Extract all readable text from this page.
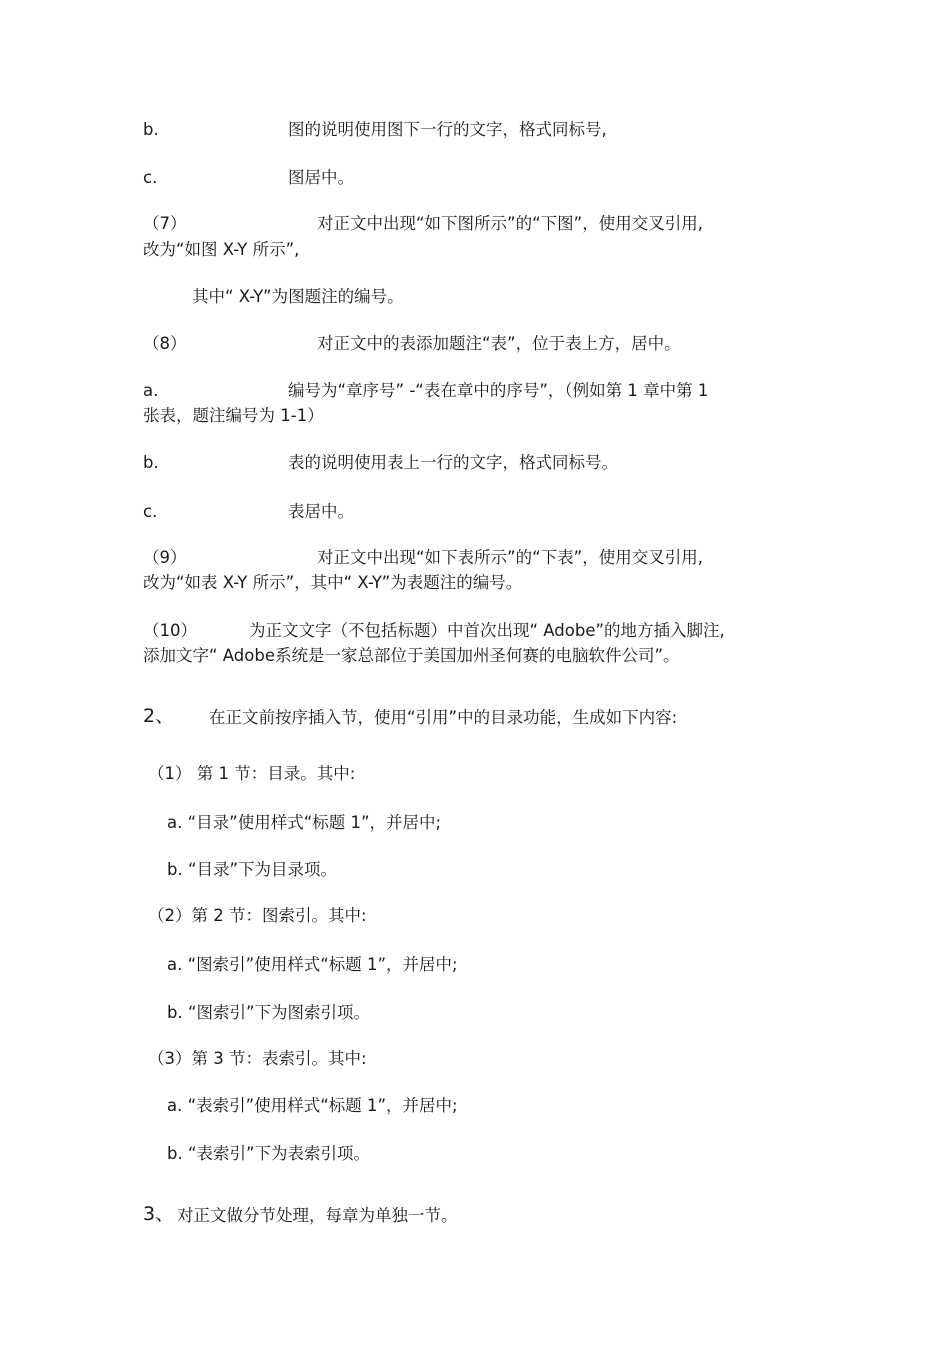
b.	图的说明使用图下一行的文字，格式同标号,
c.	图居中。
（7）	对正文中出现“如下图所示”的“下图”，使用交叉引用,
改为“如图 X-Y 所示”,
其中“ X-Y”为图题注的编号。
（8）	对正文中的表添加题注“表”，位于表上方，居中。
a.	编号为“章序号” -“表在章中的序号”，（例如第 1 章中第 1
张表，题注编号为 1-1）
b.	表的说明使用表上一行的文字，格式同标号。
c.	表居中。
（9）	对正文中出现“如下表所示”的“下表”，使用交叉引用,
改为“如表 X-Y 所示”，其中“ X-Y”为表题注的编号。
（10）	为正文文字（不包括标题）中首次出现“ Adobe”的地方插入脚注,
添加文字“ Adobe系统是一家总部位于美国加州圣何赛的电脑软件公司”。
2、 在正文前按序插入节，使用“引用”中的目录功能，生成如下内容:
（1） 第 1 节：目录。其中:
a. “目录”使用样式“标题 1”，并居中;
b. “目录”下为目录项。
（2）第 2 节：图索引。其中:
a. “图索引”使用样式“标题 1”，并居中;
b. “图索引”下为图索引项。
（3）第 3 节：表索引。其中:
a. “表索引”使用样式“标题 1”，并居中;
b. “表索引”下为表索引项。
3、 对正文做分节处理，每章为单独一节。
